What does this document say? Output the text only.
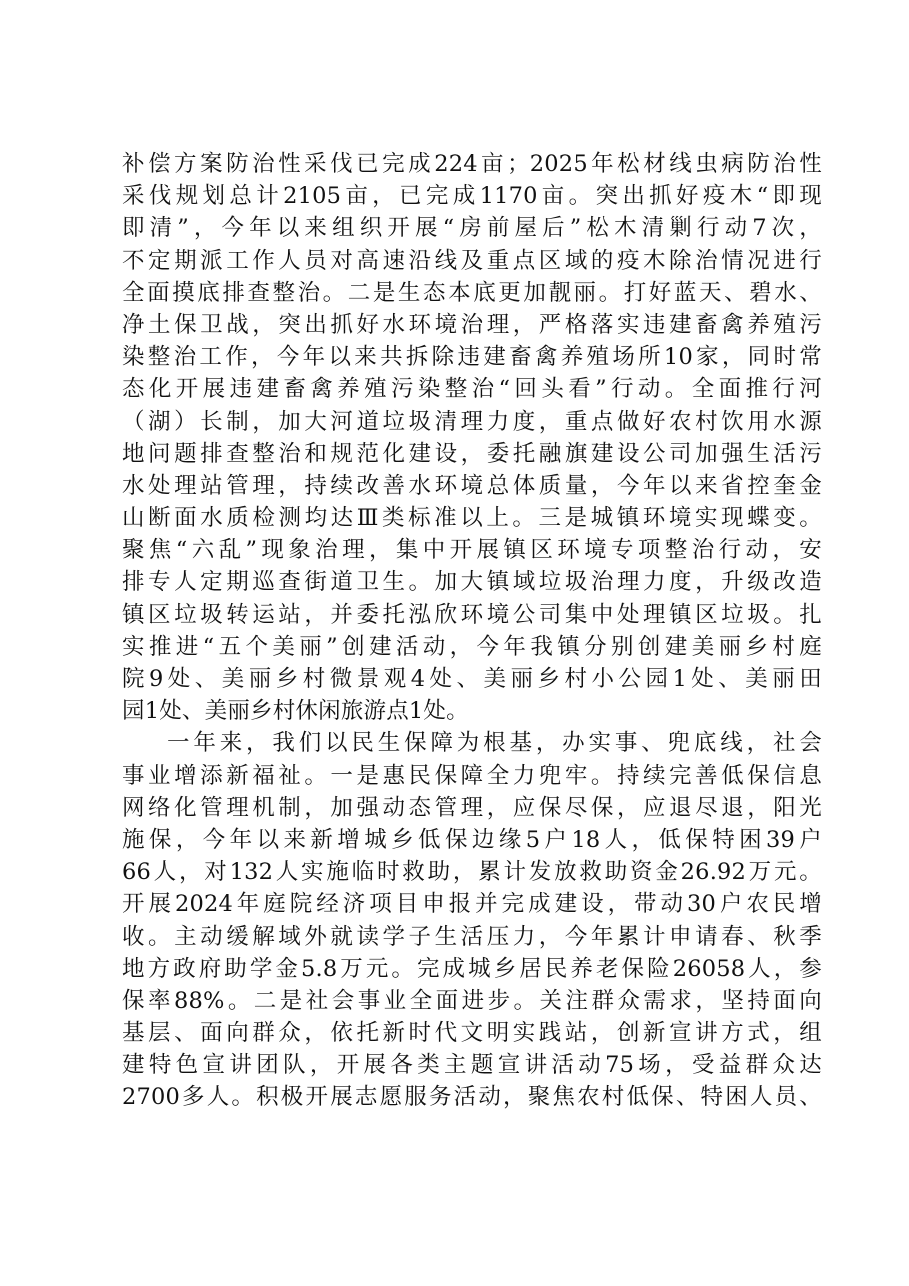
补偿方案防治性采伐已完成224亩；2025年松材线虫病防治性
采伐规划总计2105亩，已完成1170亩。突出抓好疫木“即现
即清”，今年以来组织开展“房前屋后”松木清剿行动7次，
不定期派工作人员对高速沿线及重点区域的疫木除治情况进行
全面摸底排查整治。二是生态本底更加靓丽。打好蓝天、碧水、
净土保卫战，突出抓好水环境治理，严格落实违建畜禽养殖污
染整治工作，今年以来共拆除违建畜禽养殖场所10家，同时常
态化开展违建畜禽养殖污染整治“回头看”行动。全面推行河
（湖）长制，加大河道垃圾清理力度，重点做好农村饮用水源
地问题排查整治和规范化建设，委托融旗建设公司加强生活污
水处理站管理，持续改善水环境总体质量，今年以来省控奎金
山断面水质检测均达Ⅲ类标准以上。三是城镇环境实现蝶变。
聚焦“六乱”现象治理，集中开展镇区环境专项整治行动，安
排专人定期巡查街道卫生。加大镇域垃圾治理力度，升级改造
镇区垃圾转运站，并委托泓欣环境公司集中处理镇区垃圾。扎
实推进“五个美丽”创建活动，今年我镇分别创建美丽乡村庭
院9处、美丽乡村微景观4处、美丽乡村小公园1处、美丽田
园1处、美丽乡村休闲旅游点1处。
一年来，我们以民生保障为根基，办实事、兜底线，社会
事业增添新福祉。一是惠民保障全力兜牢。持续完善低保信息
网络化管理机制，加强动态管理，应保尽保，应退尽退，阳光
施保，今年以来新增城乡低保边缘5户18人，低保特困39户
66人，对132人实施临时救助，累计发放救助资金26.92万元。
开展2024年庭院经济项目申报并完成建设，带动30户农民增
收。主动缓解域外就读学子生活压力，今年累计申请春、秋季
地方政府助学金5.8万元。完成城乡居民养老保险26058人，参
保率88%。二是社会事业全面进步。关注群众需求，坚持面向
基层、面向群众，依托新时代文明实践站，创新宣讲方式，组
建特色宣讲团队，开展各类主题宣讲活动75场，受益群众达
2700多人。积极开展志愿服务活动，聚焦农村低保、特困人员、
